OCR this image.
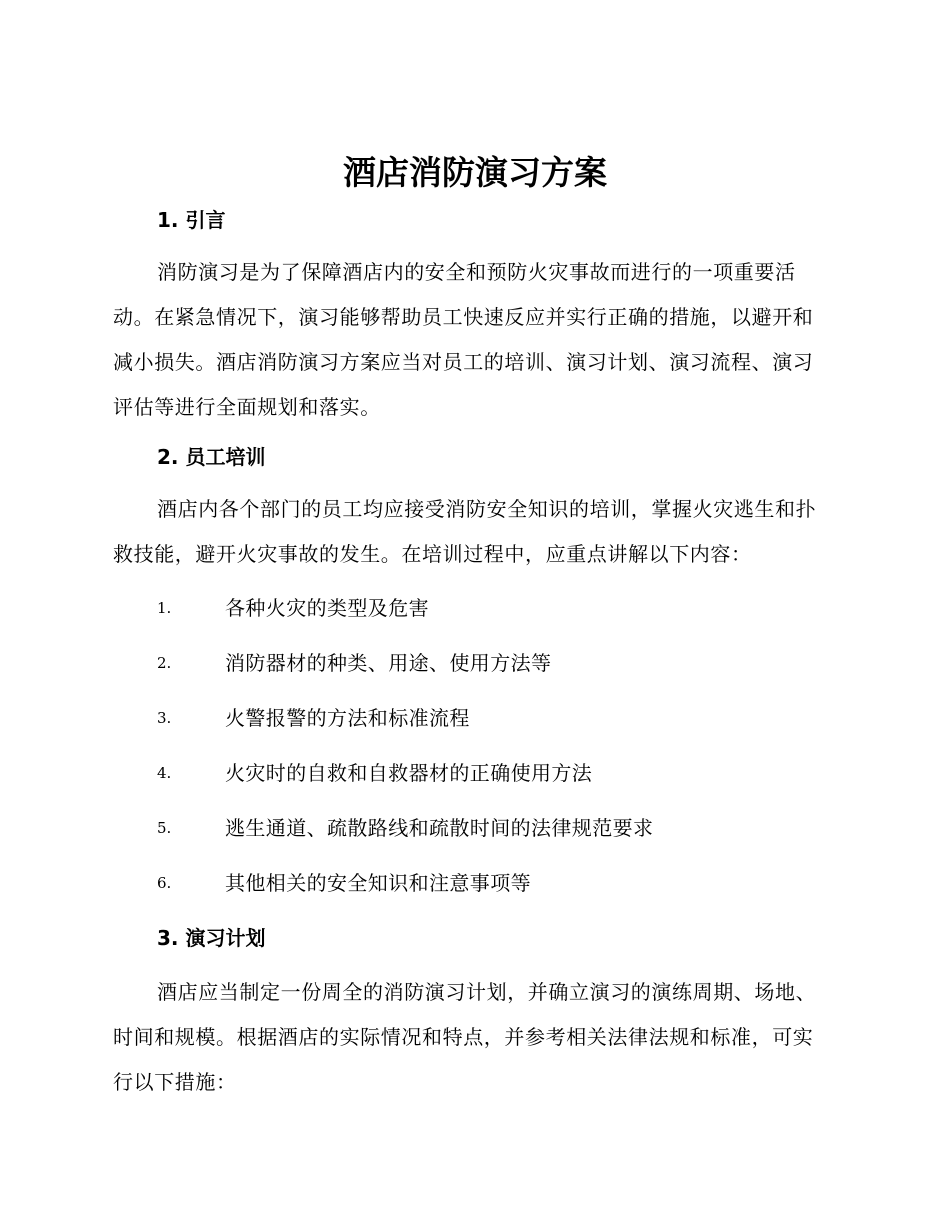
酒店消防演习方案
1. 引言

消防演习是为了保障酒店内的安全和预防火灾事故而进行的一项重要活动。在紧急情况下，演习能够帮助员工快速反应并实行正确的措施，以避开和减小损失。酒店消防演习方案应当对员工的培训、演习计划、演习流程、演习评估等进行全面规划和落实。

2. 员工培训

酒店内各个部门的员工均应接受消防安全知识的培训，掌握火灾逃生和扑救技能，避开火灾事故的发生。在培训过程中，应重点讲解以下内容：

1.	各种火灾的类型及危害
2.	消防器材的种类、用途、使用方法等
3.	火警报警的方法和标准流程
4.	火灾时的自救和自救器材的正确使用方法
5.	逃生通道、疏散路线和疏散时间的法律规范要求
6.	其他相关的安全知识和注意事项等
3. 演习计划

酒店应当制定一份周全的消防演习计划，并确立演习的演练周期、场地、时间和规模。根据酒店的实际情况和特点，并参考相关法律法规和标准，可实行以下措施：
